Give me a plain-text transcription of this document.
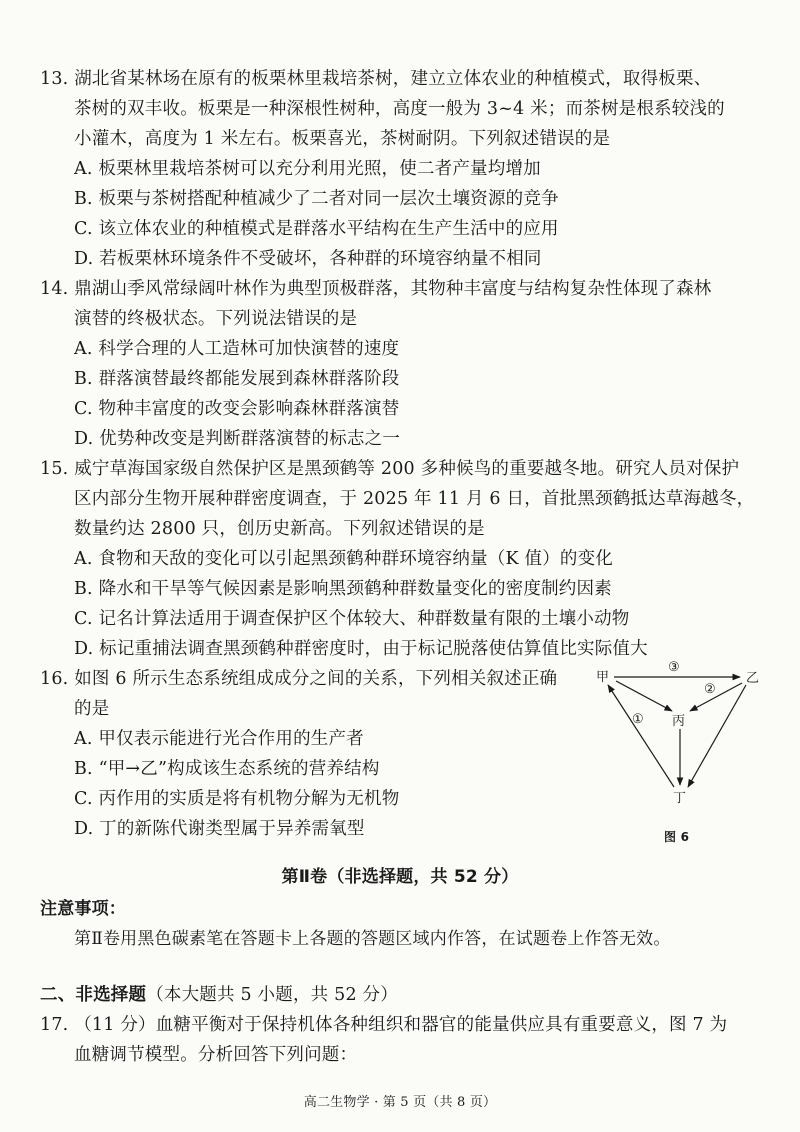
13. 湖北省某林场在原有的板栗林里栽培茶树，建立立体农业的种植模式，取得板栗、
茶树的双丰收。板栗是一种深根性树种，高度一般为 3~4 米；而茶树是根系较浅的
小灌木，高度为 1 米左右。板栗喜光，茶树耐阴。下列叙述错误的是
A. 板栗林里栽培茶树可以充分利用光照，使二者产量均增加
B. 板栗与茶树搭配种植减少了二者对同一层次土壤资源的竞争
C. 该立体农业的种植模式是群落水平结构在生产生活中的应用
D. 若板栗林环境条件不受破坏，各种群的环境容纳量不相同
14. 鼎湖山季风常绿阔叶林作为典型顶极群落，其物种丰富度与结构复杂性体现了森林
演替的终极状态。下列说法错误的是
A. 科学合理的人工造林可加快演替的速度
B. 群落演替最终都能发展到森林群落阶段
C. 物种丰富度的改变会影响森林群落演替
D. 优势种改变是判断群落演替的标志之一
15. 威宁草海国家级自然保护区是黑颈鹤等 200 多种候鸟的重要越冬地。研究人员对保护
区内部分生物开展种群密度调查，于 2025 年 11 月 6 日，首批黑颈鹤抵达草海越冬，
数量约达 2800 只，创历史新高。下列叙述错误的是
A. 食物和天敌的变化可以引起黑颈鹤种群环境容纳量（K 值）的变化
B. 降水和干旱等气候因素是影响黑颈鹤种群数量变化的密度制约因素
C. 记名计算法适用于调查保护区个体较大、种群数量有限的土壤小动物
D. 标记重捕法调查黑颈鹤种群密度时，由于标记脱落使估算值比实际值大
16. 如图 6 所示生态系统组成成分之间的关系，下列相关叙述正确
的是
A. 甲仅表示能进行光合作用的生产者
B. “甲→乙”构成该生态系统的营养结构
C. 丙作用的实质是将有机物分解为无机物
D. 丁的新陈代谢类型属于异养需氧型
甲	乙
丙
丁
③
②
①
图 6
第Ⅱ卷（非选择题，共 52 分）
注意事项：
第Ⅱ卷用黑色碳素笔在答题卡上各题的答题区域内作答，在试题卷上作答无效。
二、非选择题（本大题共 5 小题，共 52 分）
17. （11 分）血糖平衡对于保持机体各种组织和器官的能量供应具有重要意义，图 7 为
血糖调节模型。分析回答下列问题：
高二生物学 · 第 5 页（共 8 页）
